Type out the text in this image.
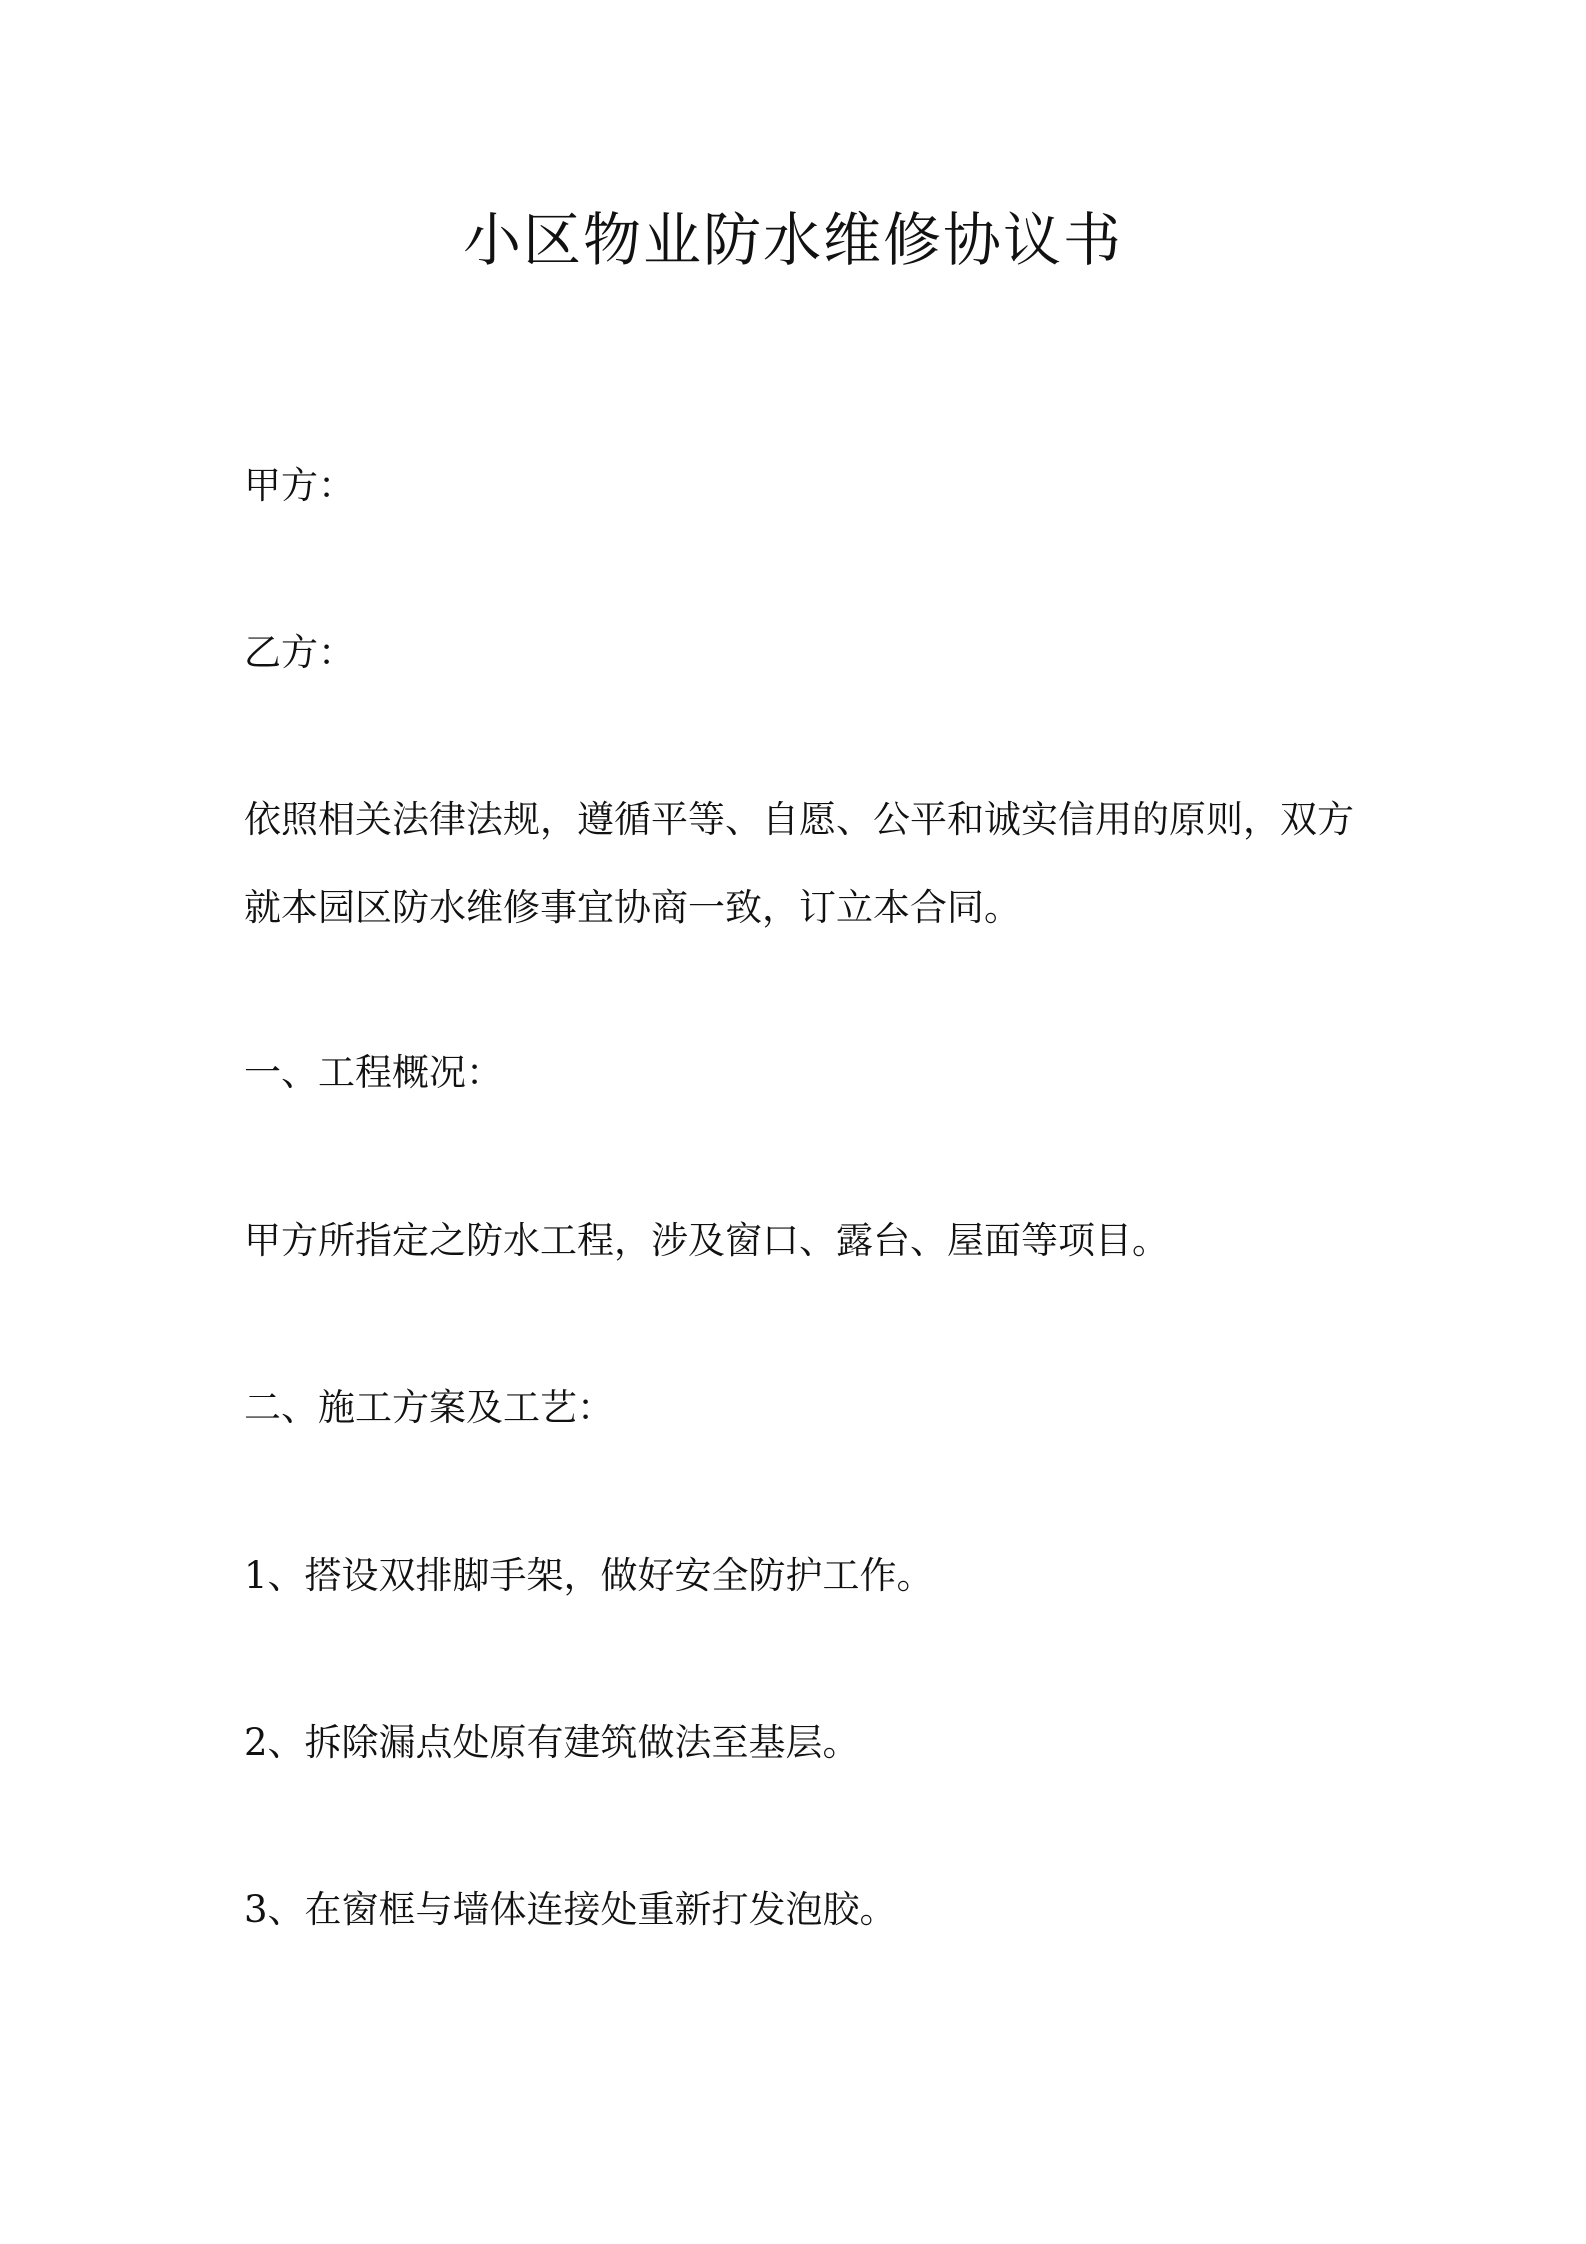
小区物业防水维修协议书
甲方：
乙方：
依照相关法律法规，遵循平等、自愿、公平和诚实信用的原则，双方
就本园区防水维修事宜协商一致，订立本合同。
一、工程概况：
甲方所指定之防水工程，涉及窗口、露台、屋面等项目。
二、施工方案及工艺：
1、搭设双排脚手架，做好安全防护工作。
2、拆除漏点处原有建筑做法至基层。
3、在窗框与墙体连接处重新打发泡胶。
